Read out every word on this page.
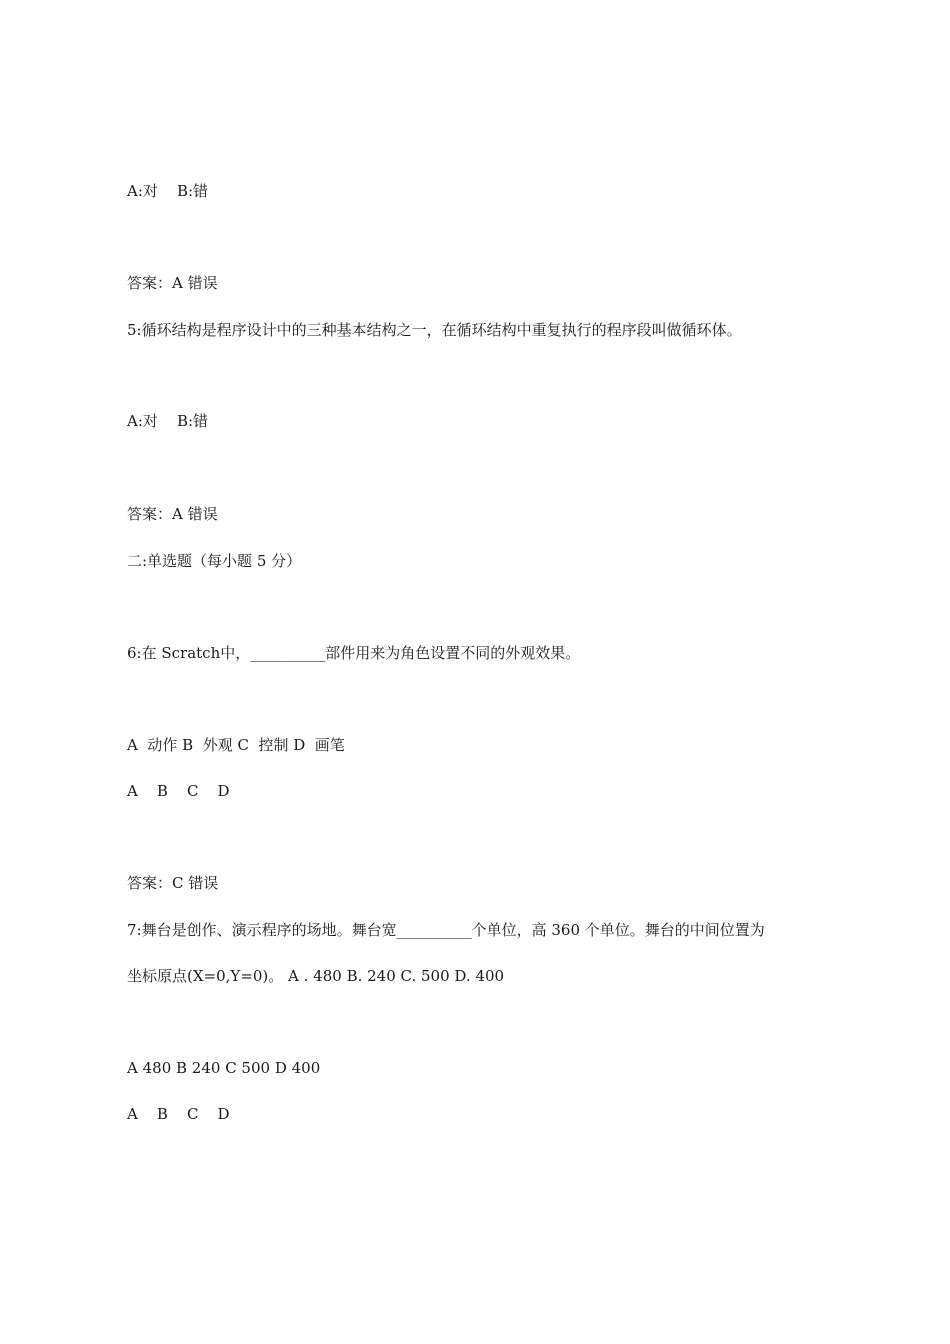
A:对    B:错

答案：A 错误

5:循环结构是程序设计中的三种基本结构之一，在循环结构中重复执行的程序段叫做循环体。

A:对    B:错

答案：A 错误

二:单选题（每小题 5 分）

6:在 Scratch中，__________部件用来为角色设置不同的外观效果。

A  动作 B  外观 C  控制 D  画笔

A    B    C    D

答案：C 错误

7:舞台是创作、演示程序的场地。舞台宽__________个单位，高 360 个单位。舞台的中间位置为

坐标原点(X=0,Y=0)。 A . 480 B. 240 C. 500 D. 400

A 480 B 240 C 500 D 400

A    B    C    D
